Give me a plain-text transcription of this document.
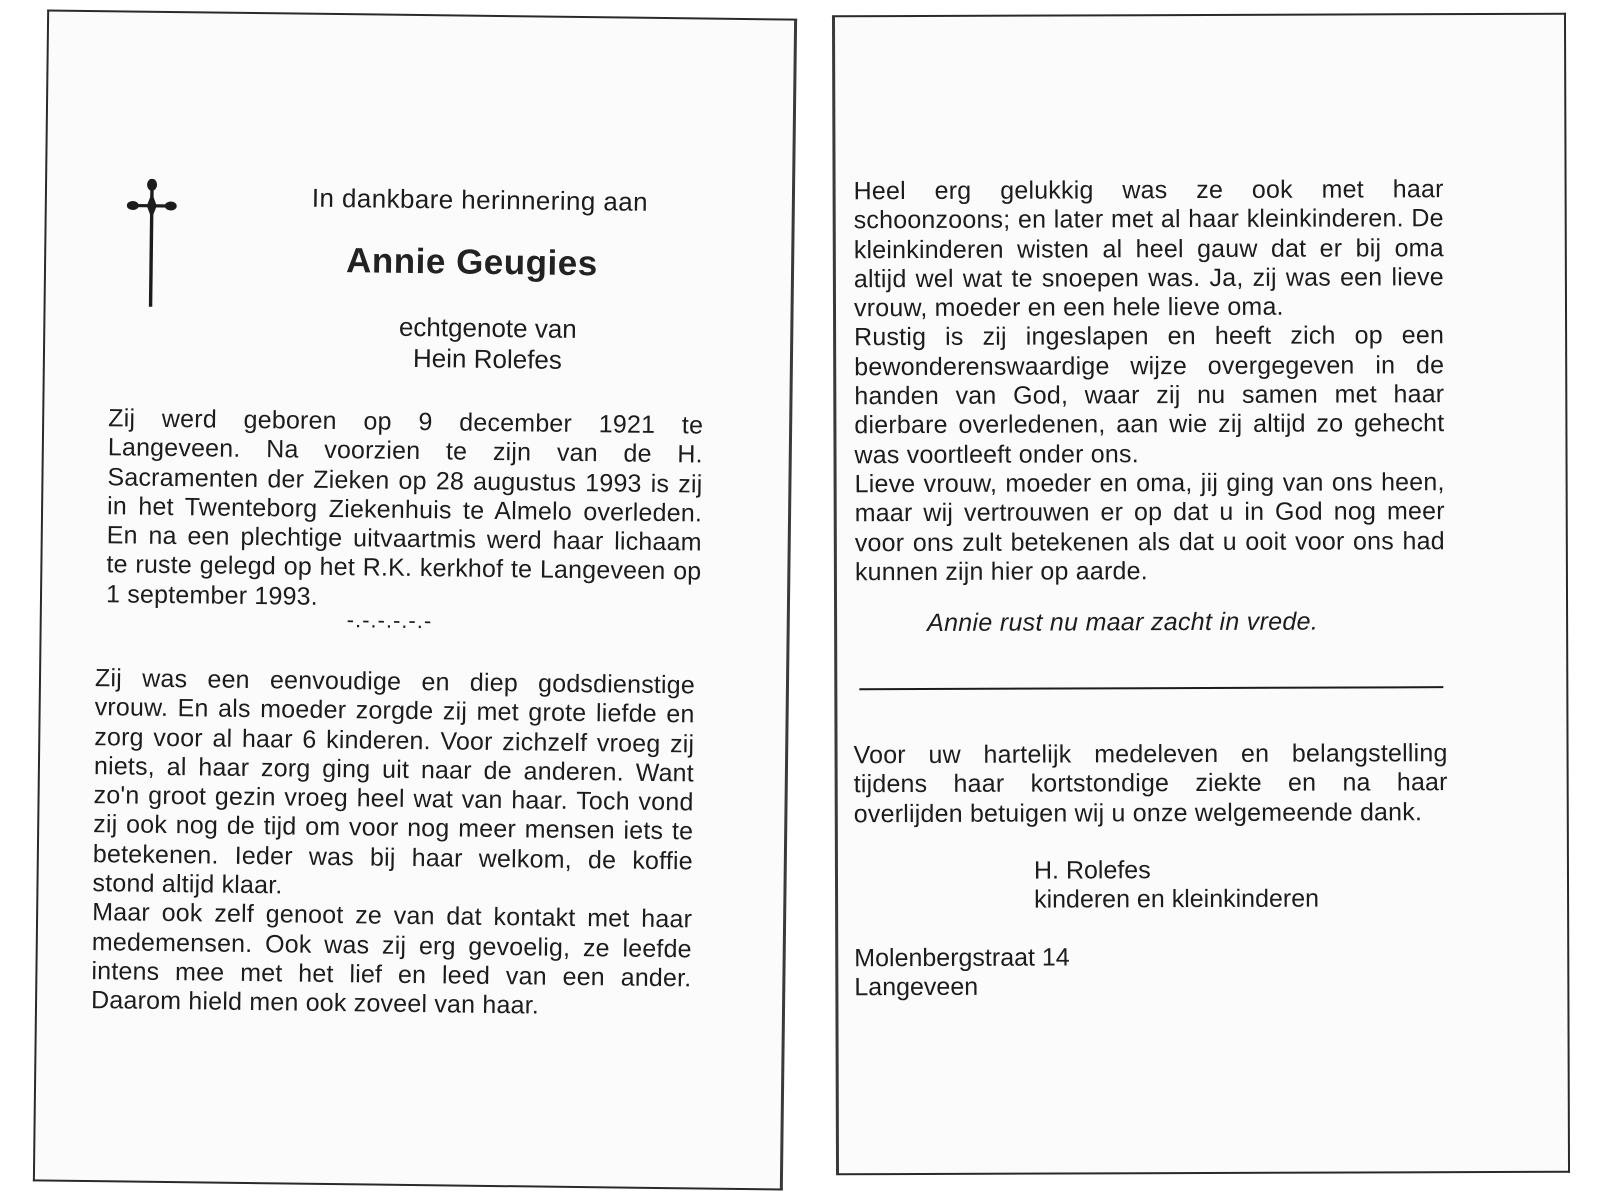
In dankbare herinnering aan
Annie Geugies
echtgenote van
Hein Rolefes
Zij werd geboren op 9 december 1921 te Langeveen. Na voorzien te zijn van de H. Sacramenten der Zieken op 28 augustus 1993 is zij in het Twenteborg Ziekenhuis te Almelo overleden. En na een plechtige uitvaartmis werd haar lichaam te ruste gelegd op het R.K. kerkhof te Langeveen op 1 september 1993.
-.-.-.-.-.-
Zij was een eenvoudige en diep godsdienstige vrouw. En als moeder zorgde zij met grote liefde en zorg voor al haar 6 kinderen. Voor zichzelf vroeg zij niets, al haar zorg ging uit naar de anderen. Want zo'n groot gezin vroeg heel wat van haar. Toch vond zij ook nog de tijd om voor nog meer mensen iets te betekenen. Ieder was bij haar welkom, de koffie stond altijd klaar.
Maar ook zelf genoot ze van dat kontakt met haar medemensen. Ook was zij erg gevoelig, ze leefde intens mee met het lief en leed van een ander. Daarom hield men ook zoveel van haar.
Heel erg gelukkig was ze ook met haar schoonzoons; en later met al haar kleinkinderen. De kleinkinderen wisten al heel gauw dat er bij oma altijd wel wat te snoepen was. Ja, zij was een lieve vrouw, moeder en een hele lieve oma.
Rustig is zij ingeslapen en heeft zich op een bewonderenswaardige wijze overgegeven in de handen van God, waar zij nu samen met haar dierbare overledenen, aan wie zij altijd zo gehecht was voortleeft onder ons.
Lieve vrouw, moeder en oma, jij ging van ons heen, maar wij vertrouwen er op dat u in God nog meer voor ons zult betekenen als dat u ooit voor ons had kunnen zijn hier op aarde.
Annie rust nu maar zacht in vrede.
Voor uw hartelijk medeleven en belangstelling tijdens haar kortstondige ziekte en na haar overlijden betuigen wij u onze welgemeende dank.
H. Rolefes
kinderen en kleinkinderen
Molenbergstraat 14
Langeveen
